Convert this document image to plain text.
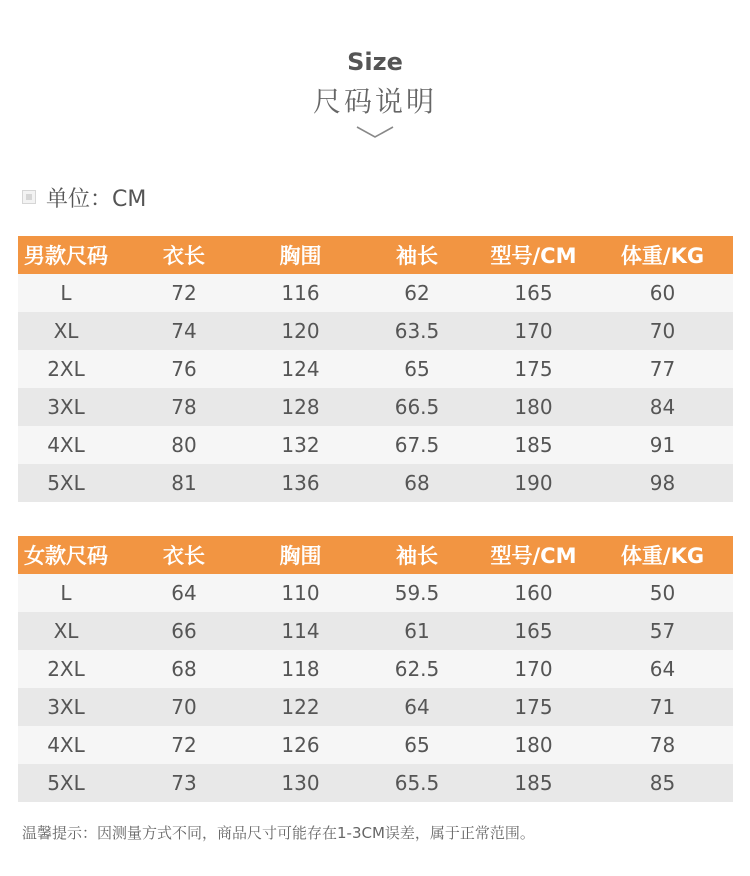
Size
尺码说明
单位：CM
男款尺码	衣长	胸围	袖长	型号/CM	体重/KG
L	72	116	62	165	60
XL	74	120	63.5	170	70
2XL	76	124	65	175	77
3XL	78	128	66.5	180	84
4XL	80	132	67.5	185	91
5XL	81	136	68	190	98
女款尺码	衣长	胸围	袖长	型号/CM	体重/KG
L	64	110	59.5	160	50
XL	66	114	61	165	57
2XL	68	118	62.5	170	64
3XL	70	122	64	175	71
4XL	72	126	65	180	78
5XL	73	130	65.5	185	85
温馨提示：因测量方式不同，商品尺寸可能存在1-3CM误差，属于正常范围。
